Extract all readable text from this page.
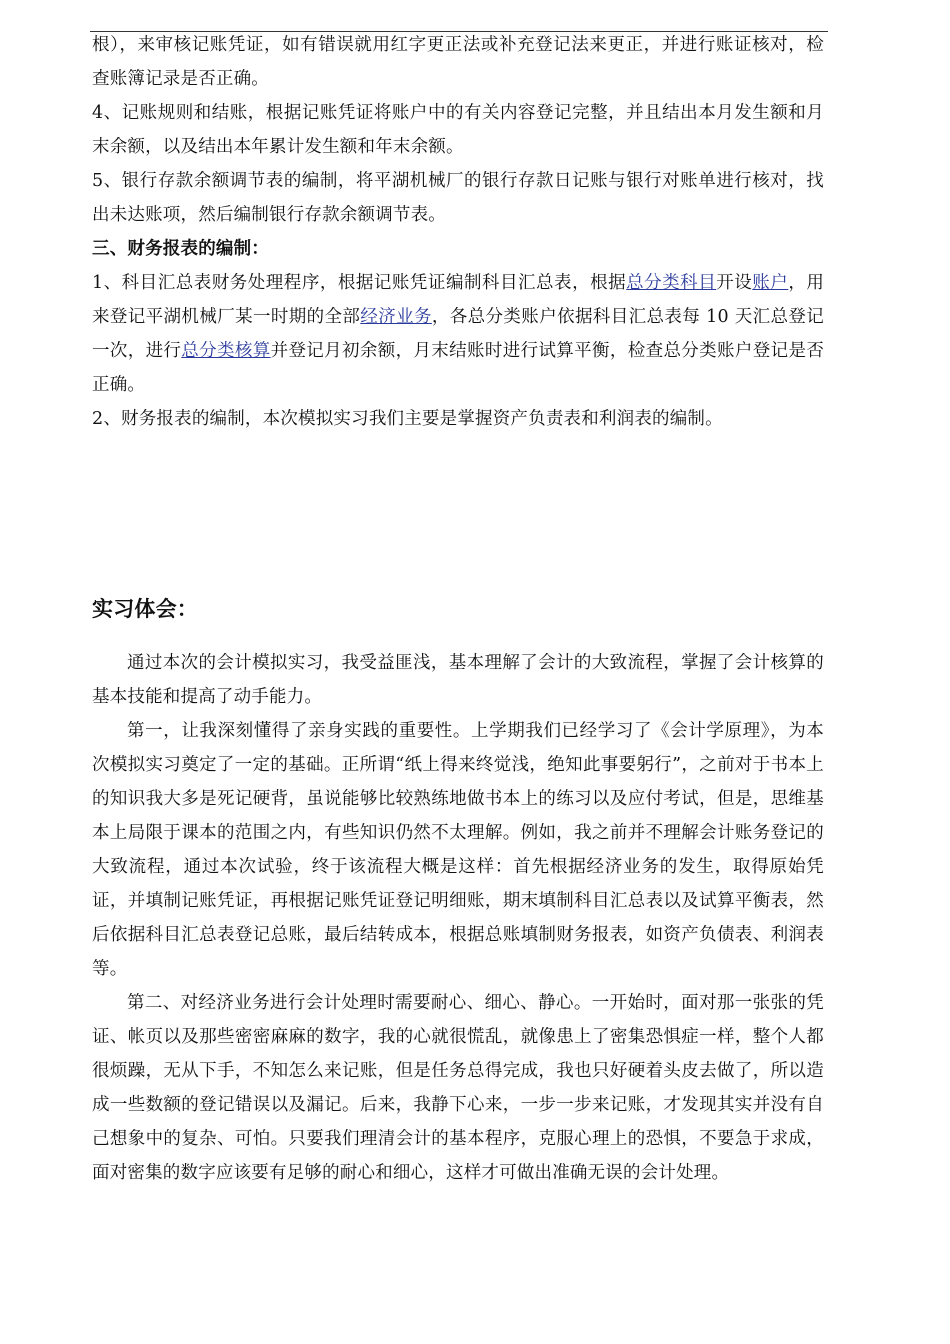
根），来审核记账凭证，如有错误就用红字更正法或补充登记法来更正，并进行账证核对，检查账簿记录是否正确。

4、记账规则和结账，根据记账凭证将账户中的有关内容登记完整，并且结出本月发生额和月末余额，以及结出本年累计发生额和年末余额。

5、银行存款余额调节表的编制，将平湖机械厂的银行存款日记账与银行对账单进行核对，找出未达账项，然后编制银行存款余额调节表。

三、财务报表的编制：

1、科目汇总表财务处理程序，根据记账凭证编制科目汇总表，根据总分类科目开设账户，用来登记平湖机械厂某一时期的全部经济业务，各总分类账户依据科目汇总表每 10 天汇总登记一次，进行总分类核算并登记月初余额，月末结账时进行试算平衡，检查总分类账户登记是否正确。

2、财务报表的编制，本次模拟实习我们主要是掌握资产负责表和利润表的编制。

实习体会：

通过本次的会计模拟实习，我受益匪浅，基本理解了会计的大致流程，掌握了会计核算的基本技能和提高了动手能力。

第一，让我深刻懂得了亲身实践的重要性。上学期我们已经学习了《会计学原理》，为本次模拟实习奠定了一定的基础。正所谓“纸上得来终觉浅，绝知此事要躬行”，之前对于书本上的知识我大多是死记硬背，虽说能够比较熟练地做书本上的练习以及应付考试，但是，思维基本上局限于课本的范围之内，有些知识仍然不太理解。例如，我之前并不理解会计账务登记的大致流程，通过本次试验，终于该流程大概是这样：首先根据经济业务的发生，取得原始凭证，并填制记账凭证，再根据记账凭证登记明细账，期末填制科目汇总表以及试算平衡表，然后依据科目汇总表登记总账，最后结转成本，根据总账填制财务报表，如资产负债表、利润表等。

第二、对经济业务进行会计处理时需要耐心、细心、静心。一开始时，面对那一张张的凭证、帐页以及那些密密麻麻的数字，我的心就很慌乱，就像患上了密集恐惧症一样，整个人都很烦躁，无从下手，不知怎么来记账，但是任务总得完成，我也只好硬着头皮去做了，所以造成一些数额的登记错误以及漏记。后来，我静下心来，一步一步来记账，才发现其实并没有自己想象中的复杂、可怕。只要我们理清会计的基本程序，克服心理上的恐惧，不要急于求成，面对密集的数字应该要有足够的耐心和细心，这样才可做出准确无误的会计处理。
